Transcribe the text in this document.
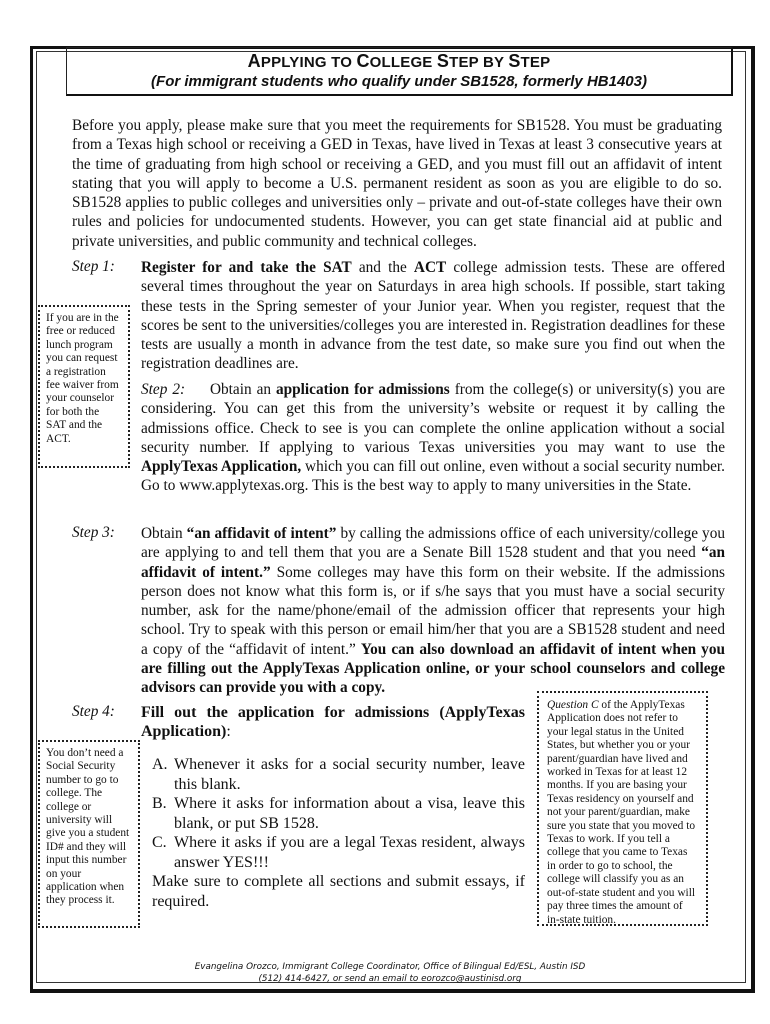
APPLYING TO COLLEGE STEP BY STEP
(For immigrant students who qualify under SB1528, formerly HB1403)
Before you apply, please make sure that you meet the requirements for SB1528. You must be graduating from a Texas high school or receiving a GED in Texas, have lived in Texas at least 3 consecutive years at the time of graduating from high school or receiving a GED, and you must fill out an affidavit of intent stating that you will apply to become a U.S. permanent resident as soon as you are eligible to do so. SB1528 applies to public colleges and universities only – private and out-of-state colleges have their own rules and policies for undocumented students. However, you can get state financial aid at public and private universities, and public community and technical colleges.
Step 1: Register for and take the SAT and the ACT college admission tests. These are offered several times throughout the year on Saturdays in area high schools. If possible, start taking these tests in the Spring semester of your Junior year. When you register, request that the scores be sent to the universities/colleges you are interested in. Registration deadlines for these tests are usually a month in advance from the test date, so make sure you find out when the registration deadlines are.
Step 2: Obtain an application for admissions from the college(s) or university(s) you are considering. You can get this from the university’s website or request it by calling the admissions office. Check to see is you can complete the online application without a social security number. If applying to various Texas universities you may want to use the ApplyTexas Application, which you can fill out online, even without a social security number. Go to www.applytexas.org. This is the best way to apply to many universities in the State.
Step 3: Obtain “an affidavit of intent” by calling the admissions office of each university/college you are applying to and tell them that you are a Senate Bill 1528 student and that you need “an affidavit of intent.” Some colleges may have this form on their website. If the admissions person does not know what this form is, or if s/he says that you must have a social security number, ask for the name/phone/email of the admission officer that represents your high school. Try to speak with this person or email him/her that you are a SB1528 student and need a copy of the “affidavit of intent.” You can also download an affidavit of intent when you are filling out the ApplyTexas Application online, or your school counselors and college advisors can provide you with a copy.
Step 4: Fill out the application for admissions (ApplyTexas Application):
A. Whenever it asks for a social security number, leave this blank.
B. Where it asks for information about a visa, leave this blank, or put SB 1528.
C. Where it asks if you are a legal Texas resident, always answer YES!!!
Make sure to complete all sections and submit essays, if required.
If you are in the free or reduced lunch program you can request a registration fee waiver from your counselor for both the SAT and the ACT.
You don’t need a Social Security number to go to college. The college or university will give you a student ID# and they will input this number on your application when they process it.
Question C of the ApplyTexas Application does not refer to your legal status in the United States, but whether you or your parent/guardian have lived and worked in Texas for at least 12 months. If you are basing your Texas residency on yourself and not your parent/guardian, make sure you state that you moved to Texas to work. If you tell a college that you came to Texas in order to go to school, the college will classify you as an out-of-state student and you will pay three times the amount of in-state tuition.
Evangelina Orozco, Immigrant College Coordinator, Office of Bilingual Ed/ESL, Austin ISD
(512) 414-6427, or send an email to eorozco@austinisd.org
